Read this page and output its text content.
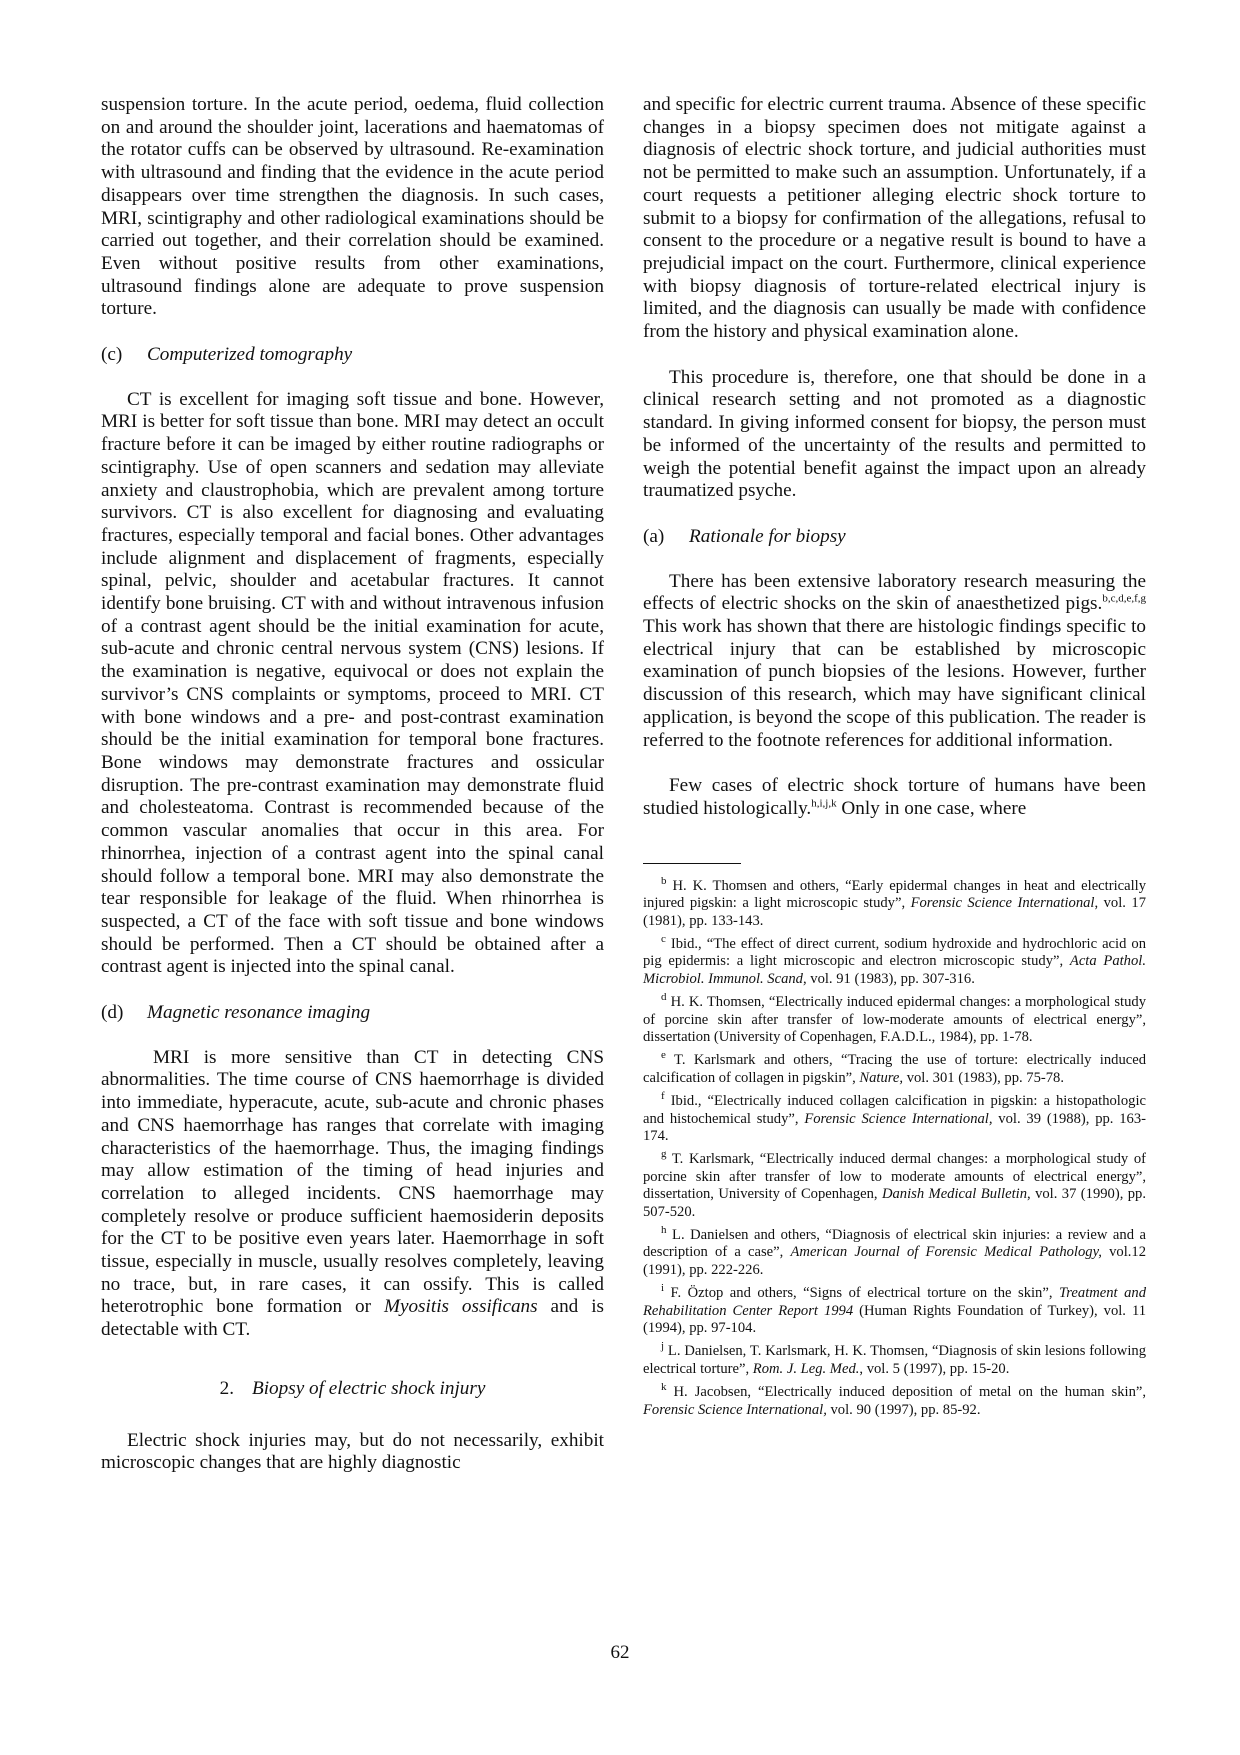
suspension torture. In the acute period, oedema, fluid collection on and around the shoulder joint, lacerations and haematomas of the rotator cuffs can be observed by ultrasound. Re-examination with ultrasound and finding that the evidence in the acute period disappears over time strengthen the diagnosis. In such cases, MRI, scintigraphy and other radiological examinations should be carried out together, and their correlation should be examined. Even without positive results from other examinations, ultrasound findings alone are adequate to prove suspension torture.

(c) Computerized tomography

CT is excellent for imaging soft tissue and bone. However, MRI is better for soft tissue than bone. MRI may detect an occult fracture before it can be imaged by either routine radiographs or scintigraphy. Use of open scanners and sedation may alleviate anxiety and claustrophobia, which are prevalent among torture survivors. CT is also excellent for diagnosing and evaluating fractures, especially temporal and facial bones. Other advantages include alignment and displacement of fragments, especially spinal, pelvic, shoulder and acetabular fractures. It cannot identify bone bruising. CT with and without intravenous infusion of a contrast agent should be the initial examination for acute, sub-acute and chronic central nervous system (CNS) lesions. If the examination is negative, equivocal or does not explain the survivor’s CNS complaints or symptoms, proceed to MRI. CT with bone windows and a pre- and post-contrast examination should be the initial examination for temporal bone fractures. Bone windows may demonstrate fractures and ossicular disruption. The pre-contrast examination may demonstrate fluid and cholesteatoma. Contrast is recommended because of the common vascular anomalies that occur in this area. For rhinorrhea, injection of a contrast agent into the spinal canal should follow a temporal bone. MRI may also demonstrate the tear responsible for leakage of the fluid. When rhinorrhea is suspected, a CT of the face with soft tissue and bone windows should be performed. Then a CT should be obtained after a contrast agent is injected into the spinal canal.

(d) Magnetic resonance imaging

MRI is more sensitive than CT in detecting CNS abnormalities. The time course of CNS haemorrhage is divided into immediate, hyperacute, acute, sub-acute and chronic phases and CNS haemorrhage has ranges that correlate with imaging characteristics of the haemorrhage. Thus, the imaging findings may allow estimation of the timing of head injuries and correlation to alleged incidents. CNS haemorrhage may completely resolve or produce sufficient haemosiderin deposits for the CT to be positive even years later. Haemorrhage in soft tissue, especially in muscle, usually resolves completely, leaving no trace, but, in rare cases, it can ossify. This is called heterotrophic bone formation or Myositis ossificans and is detectable with CT.

2. Biopsy of electric shock injury

Electric shock injuries may, but do not necessarily, exhibit microscopic changes that are highly diagnostic

and specific for electric current trauma. Absence of these specific changes in a biopsy specimen does not mitigate against a diagnosis of electric shock torture, and judicial authorities must not be permitted to make such an assumption. Unfortunately, if a court requests a petitioner alleging electric shock torture to submit to a biopsy for confirmation of the allegations, refusal to consent to the procedure or a negative result is bound to have a prejudicial impact on the court. Furthermore, clinical experience with biopsy diagnosis of torture-related electrical injury is limited, and the diagnosis can usually be made with confidence from the history and physical examination alone.

This procedure is, therefore, one that should be done in a clinical research setting and not promoted as a diagnostic standard. In giving informed consent for biopsy, the person must be informed of the uncertainty of the results and permitted to weigh the potential benefit against the impact upon an already traumatized psyche.

(a) Rationale for biopsy

There has been extensive laboratory research measuring the effects of electric shocks on the skin of anaesthetized pigs.$^{b,c,d,e,f,g}$ This work has shown that there are histologic findings specific to electrical injury that can be established by microscopic examination of punch biopsies of the lesions. However, further discussion of this research, which may have significant clinical application, is beyond the scope of this publication. The reader is referred to the footnote references for additional information.

Few cases of electric shock torture of humans have been studied histologically.$^{h,i,j,k}$ Only in one case, where

$^b$ H. K. Thomsen and others, “Early epidermal changes in heat and electrically injured pigskin: a light microscopic study”, Forensic Science International, vol. 17 (1981), pp. 133-143.
$^c$ Ibid., “The effect of direct current, sodium hydroxide and hydrochloric acid on pig epidermis: a light microscopic and electron microscopic study”, Acta Pathol. Microbiol. Immunol. Scand, vol. 91 (1983), pp. 307-316.
$^d$ H. K. Thomsen, “Electrically induced epidermal changes: a morphological study of porcine skin after transfer of low-moderate amounts of electrical energy”, dissertation (University of Copenhagen, F.A.D.L., 1984), pp. 1-78.
$^e$ T. Karlsmark and others, “Tracing the use of torture: electrically induced calcification of collagen in pigskin”, Nature, vol. 301 (1983), pp. 75-78.
$^f$ Ibid., “Electrically induced collagen calcification in pigskin: a histopathologic and histochemical study”, Forensic Science International, vol. 39 (1988), pp. 163-174.
$^g$ T. Karlsmark, “Electrically induced dermal changes: a morphological study of porcine skin after transfer of low to moderate amounts of electrical energy”, dissertation, University of Copenhagen, Danish Medical Bulletin, vol. 37 (1990), pp. 507-520.
$^h$ L. Danielsen and others, “Diagnosis of electrical skin injuries: a review and a description of a case”, American Journal of Forensic Medical Pathology, vol.12 (1991), pp. 222-226.
$^i$ F. Öztop and others, “Signs of electrical torture on the skin”, Treatment and Rehabilitation Center Report 1994 (Human Rights Foundation of Turkey), vol. 11 (1994), pp. 97-104.
$^j$ L. Danielsen, T. Karlsmark, H. K. Thomsen, “Diagnosis of skin lesions following electrical torture”, Rom. J. Leg. Med., vol. 5 (1997), pp. 15-20.
$^k$ H. Jacobsen, “Electrically induced deposition of metal on the human skin”, Forensic Science International, vol. 90 (1997), pp. 85-92.
62
